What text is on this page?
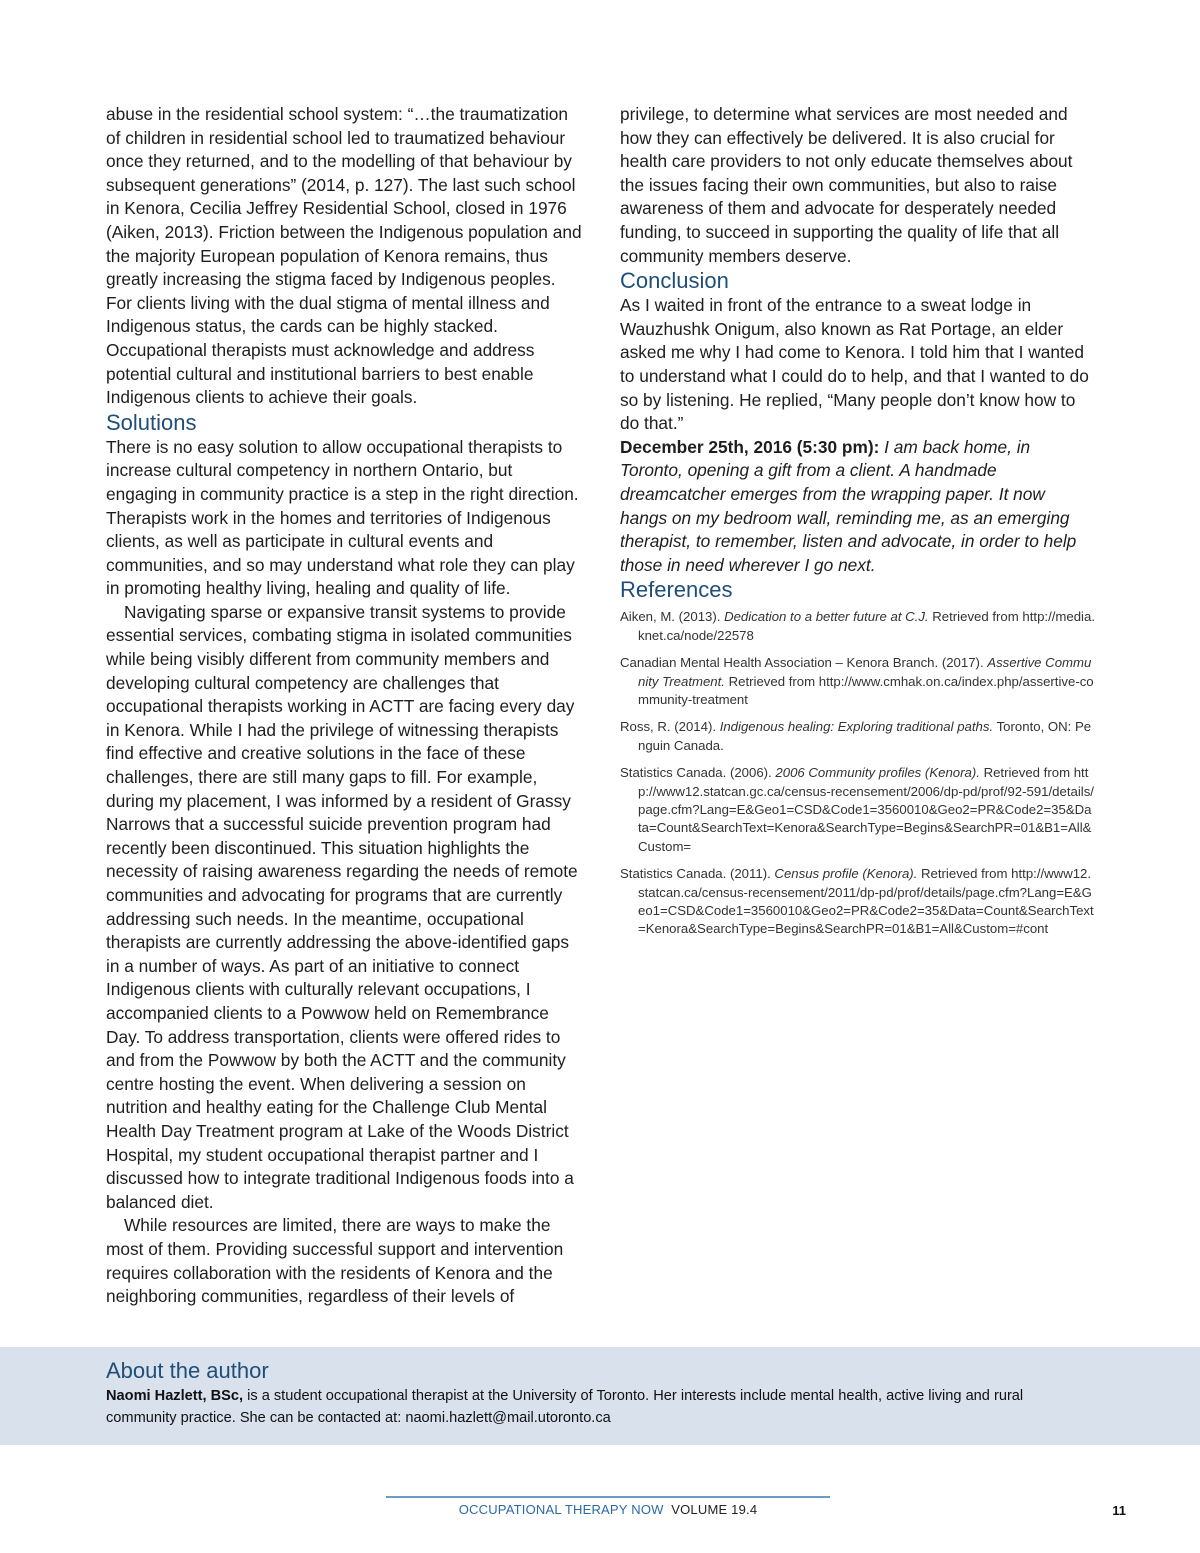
abuse in the residential school system: “…the traumatization of children in residential school led to traumatized behaviour once they returned, and to the modelling of that behaviour by subsequent generations” (2014, p. 127). The last such school in Kenora, Cecilia Jeffrey Residential School, closed in 1976 (Aiken, 2013). Friction between the Indigenous population and the majority European population of Kenora remains, thus greatly increasing the stigma faced by Indigenous peoples. For clients living with the dual stigma of mental illness and Indigenous status, the cards can be highly stacked. Occupational therapists must acknowledge and address potential cultural and institutional barriers to best enable Indigenous clients to achieve their goals.

Solutions

There is no easy solution to allow occupational therapists to increase cultural competency in northern Ontario, but engaging in community practice is a step in the right direction. Therapists work in the homes and territories of Indigenous clients, as well as participate in cultural events and communities, and so may understand what role they can play in promoting healthy living, healing and quality of life.

Navigating sparse or expansive transit systems to provide essential services, combating stigma in isolated communities while being visibly different from community members and developing cultural competency are challenges that occupational therapists working in ACTT are facing every day in Kenora. While I had the privilege of witnessing therapists find effective and creative solutions in the face of these challenges, there are still many gaps to fill. For example, during my placement, I was informed by a resident of Grassy Narrows that a successful suicide prevention program had recently been discontinued. This situation highlights the necessity of raising awareness regarding the needs of remote communities and advocating for programs that are currently addressing such needs. In the meantime, occupational therapists are currently addressing the above-identified gaps in a number of ways. As part of an initiative to connect Indigenous clients with culturally relevant occupations, I accompanied clients to a Powwow held on Remembrance Day. To address transportation, clients were offered rides to and from the Powwow by both the ACTT and the community centre hosting the event. When delivering a session on nutrition and healthy eating for the Challenge Club Mental Health Day Treatment program at Lake of the Woods District Hospital, my student occupational therapist partner and I discussed how to integrate traditional Indigenous foods into a balanced diet.

While resources are limited, there are ways to make the most of them. Providing successful support and intervention requires collaboration with the residents of Kenora and the neighboring communities, regardless of their levels of

privilege, to determine what services are most needed and how they can effectively be delivered. It is also crucial for health care providers to not only educate themselves about the issues facing their own communities, but also to raise awareness of them and advocate for desperately needed funding, to succeed in supporting the quality of life that all community members deserve.

Conclusion

As I waited in front of the entrance to a sweat lodge in Wauzhushk Onigum, also known as Rat Portage, an elder asked me why I had come to Kenora. I told him that I wanted to understand what I could do to help, and that I wanted to do so by listening. He replied, “Many people don’t know how to do that.”

December 25th, 2016 (5:30 pm): I am back home, in Toronto, opening a gift from a client. A handmade dreamcatcher emerges from the wrapping paper. It now hangs on my bedroom wall, reminding me, as an emerging therapist, to remember, listen and advocate, in order to help those in need wherever I go next.

References

Aiken, M. (2013). Dedication to a better future at C.J. Retrieved from http://media.knet.ca/node/22578

Canadian Mental Health Association – Kenora Branch. (2017). Assertive Community Treatment. Retrieved from http://www.cmhak.on.ca/index.php/assertive-community-treatment

Ross, R. (2014). Indigenous healing: Exploring traditional paths. Toronto, ON: Penguin Canada.

Statistics Canada. (2006). 2006 Community profiles (Kenora). Retrieved from http://www12.statcan.gc.ca/census-recensement/2006/dp-pd/prof/92-591/details/page.cfm?Lang=E&Geo1=CSD&Code1=3560010&Geo2=PR&Code2=35&Data=Count&SearchText=Kenora&SearchType=Begins&SearchPR=01&B1=All&Custom=

Statistics Canada. (2011). Census profile (Kenora). Retrieved from http://www12.statcan.ca/census-recensement/2011/dp-pd/prof/details/page.cfm?Lang=E&Geo1=CSD&Code1=3560010&Geo2=PR&Code2=35&Data=Count&SearchText=Kenora&SearchType=Begins&SearchPR=01&B1=All&Custom=#cont

About the author

Naomi Hazlett, BSc, is a student occupational therapist at the University of Toronto. Her interests include mental health, active living and rural community practice. She can be contacted at: naomi.hazlett@mail.utoronto.ca

OCCUPATIONAL THERAPY NOW VOLUME 19.4	11
